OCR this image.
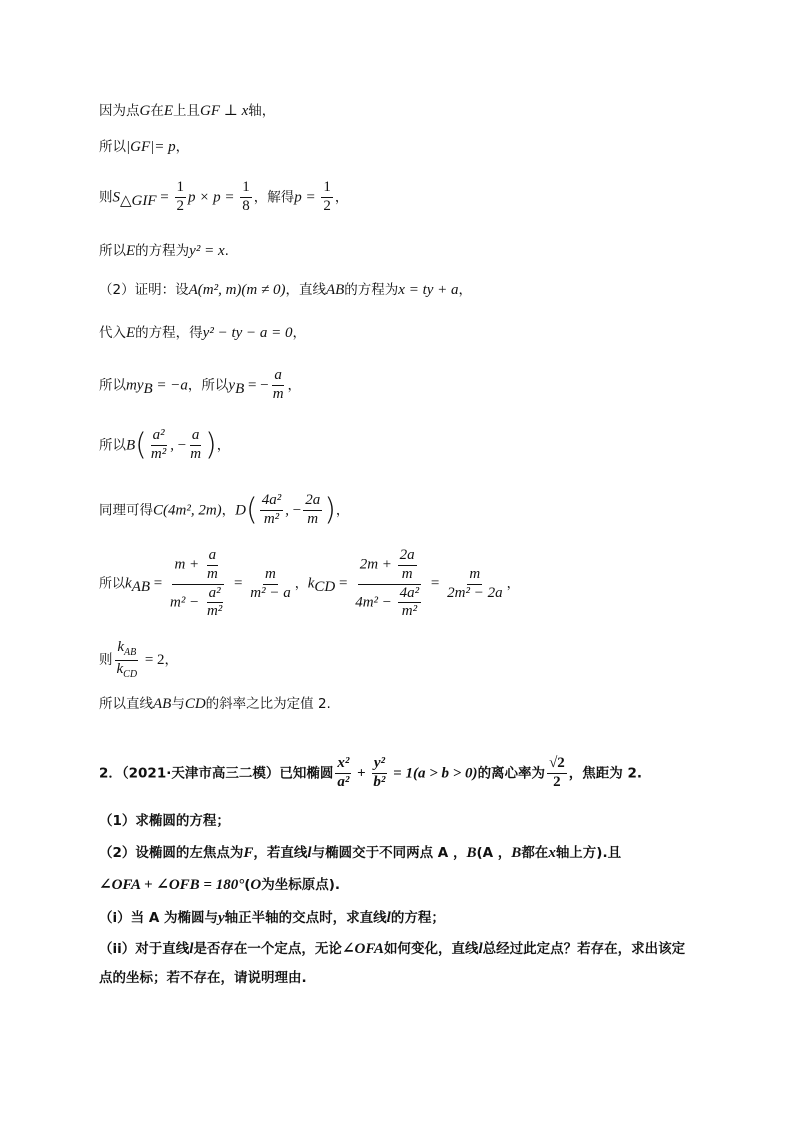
因为点G在E上且GF ⊥ x轴，
所以|GF|= p，
则$S_{\triangle GIF} = \frac{1}{2}$ $p \times p = \frac{1}{8}$ ，解得$p = \frac{1}{2}$ ，
所以E的方程为y² = x.
（2）证明：设A(m², m)(m ≠ 0)，直线AB的方程为x = ty + a，
代入E的方程，得y² − ty − a = 0，
所以$my_B = -a$，所以$y_B$ = − $\frac{a}{m}$ ，
所以$B( \frac{\text{a²}}{\text{m²}}$ , − $\frac{a}{m}$ )，
同理可得C(4m², 2m)，$D( \frac{\text{4a²}}{\text{m²}}$ , − $\frac{2a}{m}$ )，
所以$k_{AB} = \frac{m + \frac{a}{m}}{m^2 - \frac{\text{a²}}{\text{m²}}} = \frac{m}{\text{m² − a}}$ ，$k_{CD} = \frac{2m + \frac{2a}{m}}{4m^2 - \frac{\text{4a²}}{\text{m²}}} = \frac{m}{\text{2m² − 2a}}$ ，
则 $\frac{k_{AB}}{k_{CD}} = 2$，
所以直线AB与CD的斜率之比为定值 2.
2．（2021·天津市高三二模）已知椭圆 $\frac{\text{x²}}{\text{a²}} + \frac{\text{y²}}{\text{b²}} = 1(a > b > 0)$的离心率为 $\frac{√2}{2}$ ，焦距为 2.
（1）求椭圆的方程；
（2）设椭圆的左焦点为F，若直线l与椭圆交于不同两点 A ，B(A ，B都在x轴上方).且
∠OFA + ∠OFB = 180°(O为坐标原点).
（i）当 A 为椭圆与y轴正半轴的交点时，求直线l的方程；
（ii）对于直线l是否存在一个定点，无论∠OFA如何变化，直线l总经过此定点？若存在，求出该定
点的坐标；若不存在，请说明理由.
